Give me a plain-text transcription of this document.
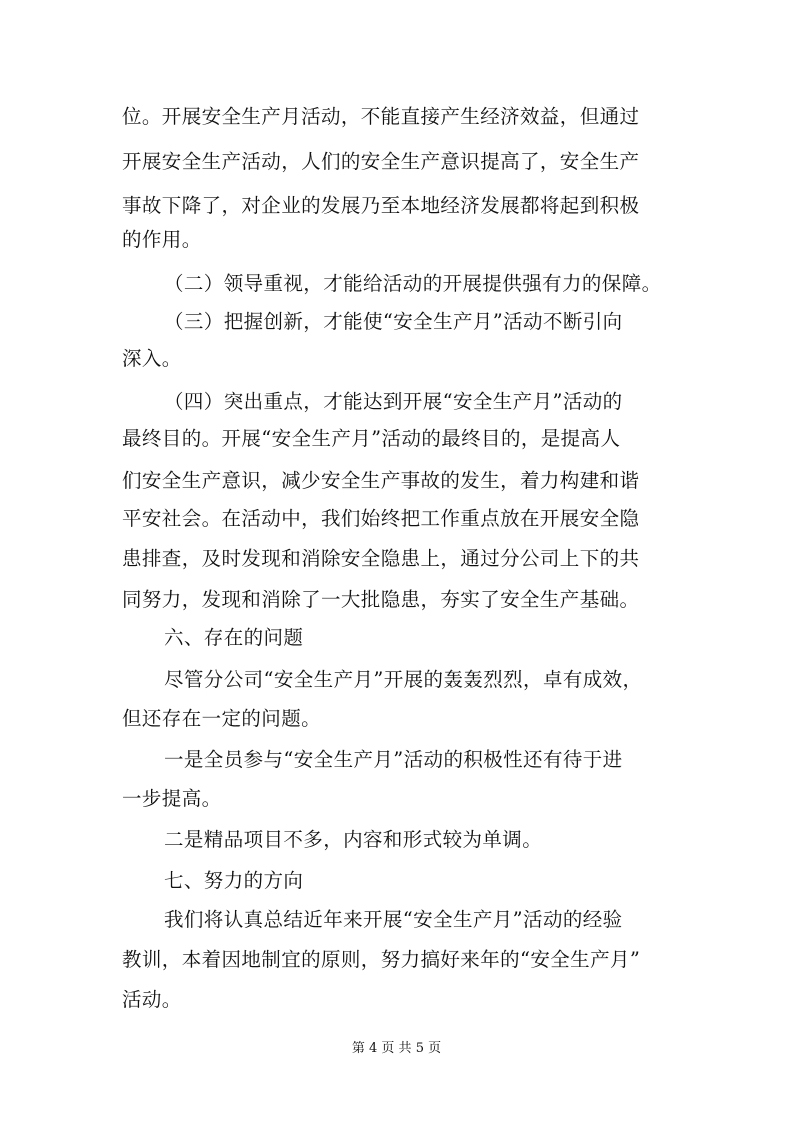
位。开展安全生产月活动，不能直接产生经济效益，但通过
开展安全生产活动，人们的安全生产意识提高了，安全生产
事故下降了，对企业的发展乃至本地经济发展都将起到积极
的作用。
（二）领导重视，才能给活动的开展提供强有力的保障。
（三）把握创新，才能使“安全生产月”活动不断引向
深入。
（四）突出重点，才能达到开展“安全生产月”活动的
最终目的。开展“安全生产月”活动的最终目的，是提高人
们安全生产意识，减少安全生产事故的发生，着力构建和谐
平安社会。在活动中，我们始终把工作重点放在开展安全隐
患排查，及时发现和消除安全隐患上，通过分公司上下的共
同努力，发现和消除了一大批隐患，夯实了安全生产基础。
六、存在的问题
尽管分公司“安全生产月”开展的轰轰烈烈，卓有成效，
但还存在一定的问题。
一是全员参与“安全生产月”活动的积极性还有待于进
一步提高。
二是精品项目不多，内容和形式较为单调。
七、努力的方向
我们将认真总结近年来开展“安全生产月”活动的经验
教训，本着因地制宜的原则，努力搞好来年的“安全生产月”
活动。
第 4 页 共 5 页
